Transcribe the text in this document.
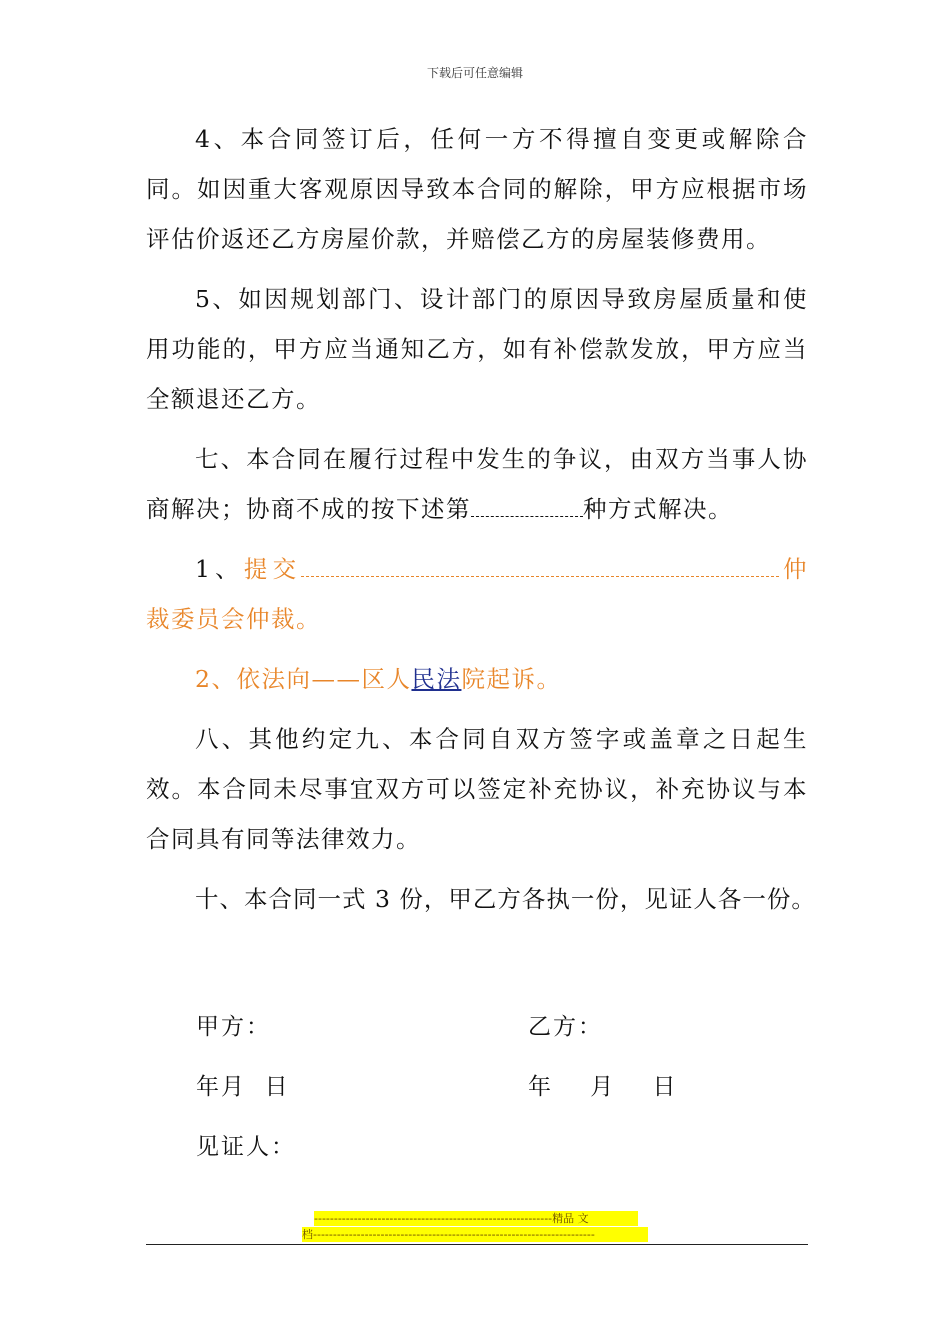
下载后可任意编辑

4、本合同签订后，任何一方不得擅自变更或解除合同。如因重大客观原因导致本合同的解除，甲方应根据市场评估价返还乙方房屋价款，并赔偿乙方的房屋装修费用。

5、如因规划部门、设计部门的原因导致房屋质量和使用功能的，甲方应当通知乙方，如有补偿款发放，甲方应当全额退还乙方。

七、本合同在履行过程中发生的争议，由双方当事人协商解决；协商不成的按下述第	种方式解决。

1、提交	仲裁委员会仲裁。

2、依法向——区人民法院起诉。

八、其他约定九、本合同自双方签字或盖章之日起生效。本合同未尽事宜双方可以签定补充协议，补充协议与本合同具有同等法律效力。

十、本合同一式 3 份，甲乙方各执一份，见证人各一份。

甲方：	乙方：
年月  日	年    月    日
见证人：
------------------------------------------------------------精品 文
档-----------------------------------------------------------------------
